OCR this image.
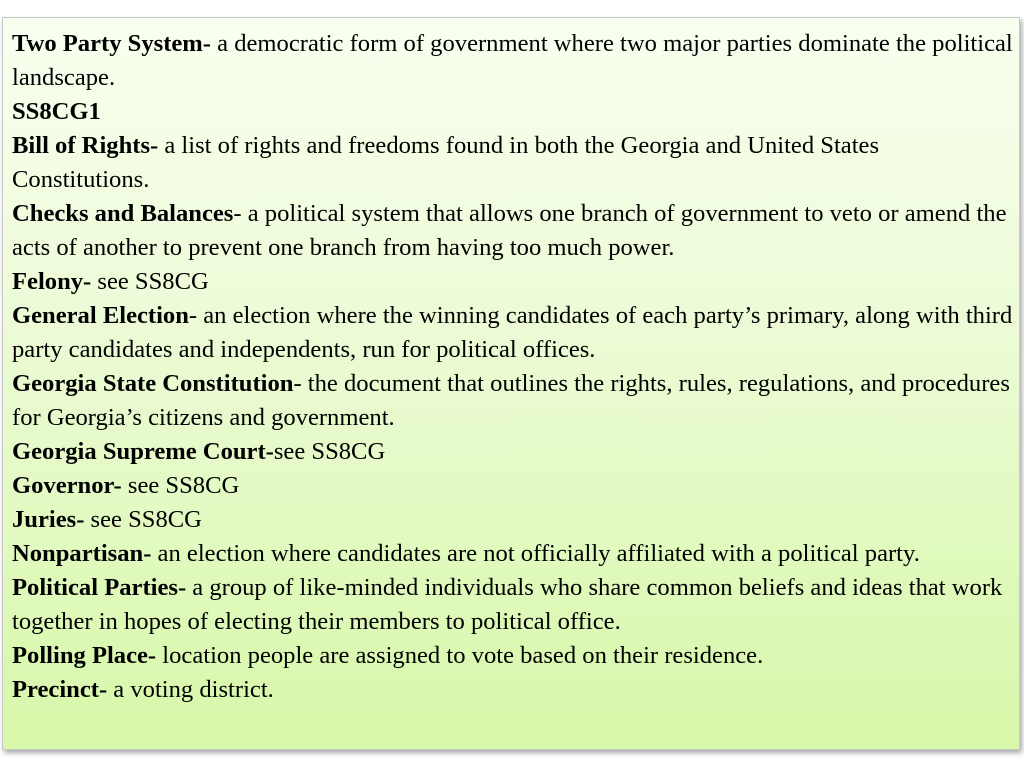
Two Party System- a democratic form of government where two major parties dominate the political landscape.

SS8CG1

Bill of Rights- a list of rights and freedoms found in both the Georgia and United States Constitutions.

Checks and Balances- a political system that allows one branch of government to veto or amend the acts of another to prevent one branch from having too much power.

Felony- see SS8CG

General Election- an election where the winning candidates of each party’s primary, along with third party candidates and independents, run for political offices.

Georgia State Constitution- the document that outlines the rights, rules, regulations, and procedures for Georgia’s citizens and government.

Georgia Supreme Court-see SS8CG

Governor- see SS8CG

Juries- see SS8CG

Nonpartisan- an election where candidates are not officially affiliated with a political party.

Political Parties- a group of like-minded individuals who share common beliefs and ideas that work together in hopes of electing their members to political office.

Polling Place- location people are assigned to vote based on their residence.

Precinct- a voting district.
